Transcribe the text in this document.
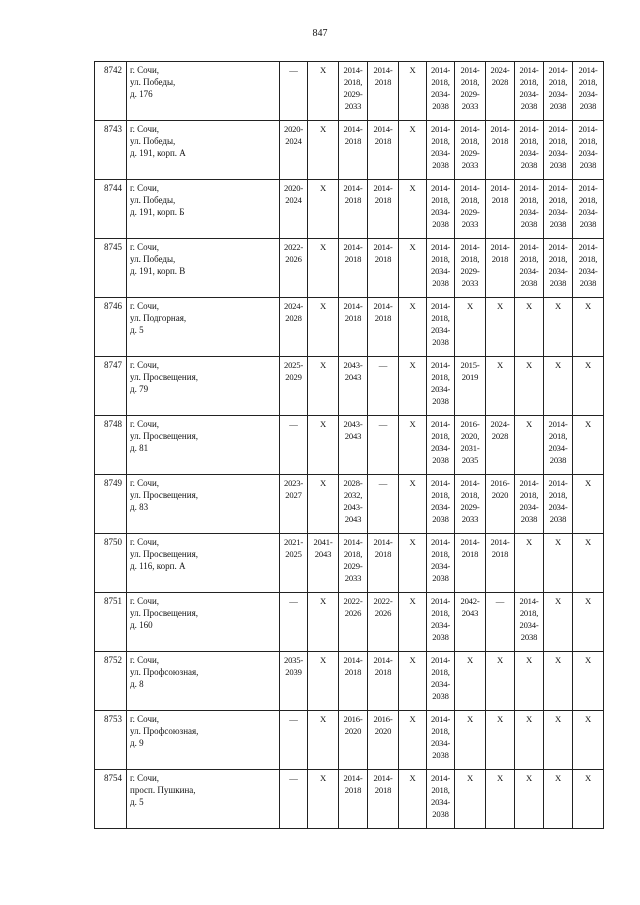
847
8742	г. Сочи,
ул. Победы,
д. 176	—	X	2014-
2018,
2029-
2033	2014-
2018	X	2014-
2018,
2034-
2038	2014-
2018,
2029-
2033	2024-
2028	2014-
2018,
2034-
2038	2014-
2018,
2034-
2038	2014-
2018,
2034-
2038

8743	г. Сочи,
ул. Победы,
д. 191, корп. А	2020-
2024	X	2014-
2018	2014-
2018	X	2014-
2018,
2034-
2038	2014-
2018,
2029-
2033	2014-
2018	2014-
2018,
2034-
2038	2014-
2018,
2034-
2038	2014-
2018,
2034-
2038

8744	г. Сочи,
ул. Победы,
д. 191, корп. Б	2020-
2024	X	2014-
2018	2014-
2018	X	2014-
2018,
2034-
2038	2014-
2018,
2029-
2033	2014-
2018	2014-
2018,
2034-
2038	2014-
2018,
2034-
2038	2014-
2018,
2034-
2038

8745	г. Сочи,
ул. Победы,
д. 191, корп. В	2022-
2026	X	2014-
2018	2014-
2018	X	2014-
2018,
2034-
2038	2014-
2018,
2029-
2033	2014-
2018	2014-
2018,
2034-
2038	2014-
2018,
2034-
2038	2014-
2018,
2034-
2038

8746	г. Сочи,
ул. Подгорная,
д. 5	2024-
2028	X	2014-
2018	2014-
2018	X	2014-
2018,
2034-
2038	X	X	X	X	X

8747	г. Сочи,
ул. Просвещения,
д. 79	2025-
2029	X	2043-
2043	—	X	2014-
2018,
2034-
2038	2015-
2019	X	X	X	X

8748	г. Сочи,
ул. Просвещения,
д. 81	—	X	2043-
2043	—	X	2014-
2018,
2034-
2038	2016-
2020,
2031-
2035	2024-
2028	X	2014-
2018,
2034-
2038	X

8749	г. Сочи,
ул. Просвещения,
д. 83	2023-
2027	X	2028-
2032,
2043-
2043	—	X	2014-
2018,
2034-
2038	2014-
2018,
2029-
2033	2016-
2020	2014-
2018,
2034-
2038	2014-
2018,
2034-
2038	X

8750	г. Сочи,
ул. Просвещения,
д. 116, корп. А	2021-
2025	2041-
2043	2014-
2018,
2029-
2033	2014-
2018	X	2014-
2018,
2034-
2038	2014-
2018	2014-
2018	X	X	X

8751	г. Сочи,
ул. Просвещения,
д. 160	—	X	2022-
2026	2022-
2026	X	2014-
2018,
2034-
2038	2042-
2043	—	2014-
2018,
2034-
2038	X	X

8752	г. Сочи,
ул. Профсоюзная,
д. 8	2035-
2039	X	2014-
2018	2014-
2018	X	2014-
2018,
2034-
2038	X	X	X	X	X

8753	г. Сочи,
ул. Профсоюзная,
д. 9	—	X	2016-
2020	2016-
2020	X	2014-
2018,
2034-
2038	X	X	X	X	X

8754	г. Сочи,
просп. Пушкина,
д. 5	—	X	2014-
2018	2014-
2018	X	2014-
2018,
2034-
2038	X	X	X	X	X
